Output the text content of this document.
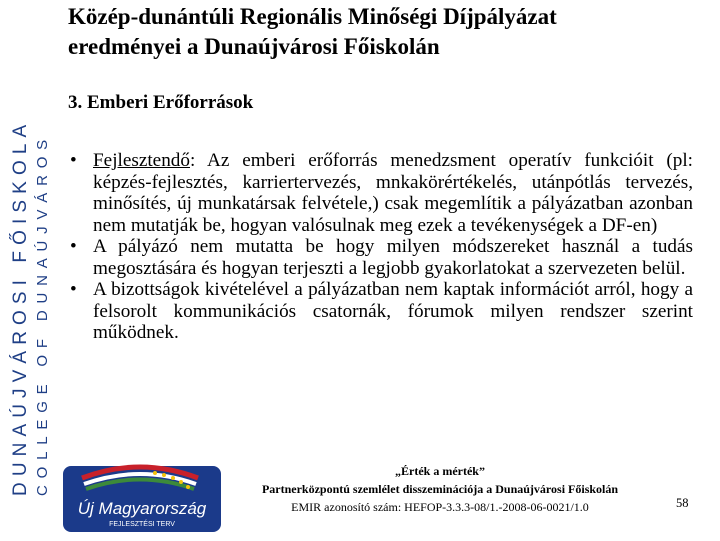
DUNAÚJVÁROSI FŐISKOLA COLLEGE OF DUNAÚJVÁROS
Közép-dunántúli Regionális Minőségi Díjpályázat
eredményei a Dunaújvárosi Főiskolán
3. Emberi Erőforrások
• Fejlesztendő: Az emberi erőforrás menedzsment operatív funkcióit (pl: képzés-fejlesztés, karriertervezés, mnkakörértékelés, utánpótlás tervezés, minősítés, új munkatársak felvétele,) csak megemlítik a pályázatban azonban nem mutatják be, hogyan valósulnak meg ezek a tevékenységek a DF-en)
• A pályázó nem mutatta be hogy milyen módszereket használ a tudás megosztására és hogyan terjeszti a legjobb gyakorlatokat a szervezeten belül.
• A bizottságok kivételével a pályázatban nem kaptak információt arról, hogy a felsorolt kommunikációs csatornák, fórumok milyen rendszer szerint működnek.
Új Magyarország
FEJLESZTÉSI TERV
„Érték a mérték”
Partnerközpontú szemlélet disszeminációja a Dunaújvárosi Főiskolán
EMIR azonosító szám: HEFOP-3.3.3-08/1.-2008-06-0021/1.0	58
